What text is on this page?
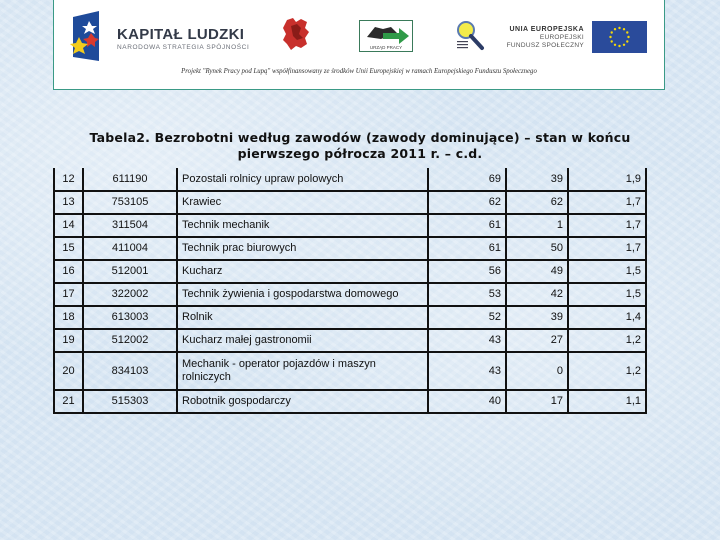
KAPITAŁ LUDZKI
NARODOWA STRATEGIA SPÓJNOŚCI	URZĄD PRACY
UNIA EUROPEJSKA
EUROPEJSKI
FUNDUSZ SPOŁECZNY
Projekt "Rynek Pracy pod Lupą" współfinansowany ze środków Unii Europejskiej w ramach Europejskiego Funduszu Społecznego
Tabela2. Bezrobotni według zawodów (zawody dominujące) – stan w końcu
pierwszego półrocza 2011 r. – c.d.
12	611190	Pozostali rolnicy upraw polowych	69	39	1,9
13	753105	Krawiec	62	62	1,7
14	311504	Technik mechanik	61	1	1,7
15	411004	Technik prac biurowych	61	50	1,7
16	512001	Kucharz	56	49	1,5
17	322002	Technik żywienia i gospodarstwa domowego	53	42	1,5
18	613003	Rolnik	52	39	1,4
19	512002	Kucharz małej gastronomii	43	27	1,2
20	834103	Mechanik - operator pojazdów i maszyn rolniczych	43	0	1,2
21	515303	Robotnik gospodarczy	40	17	1,1
